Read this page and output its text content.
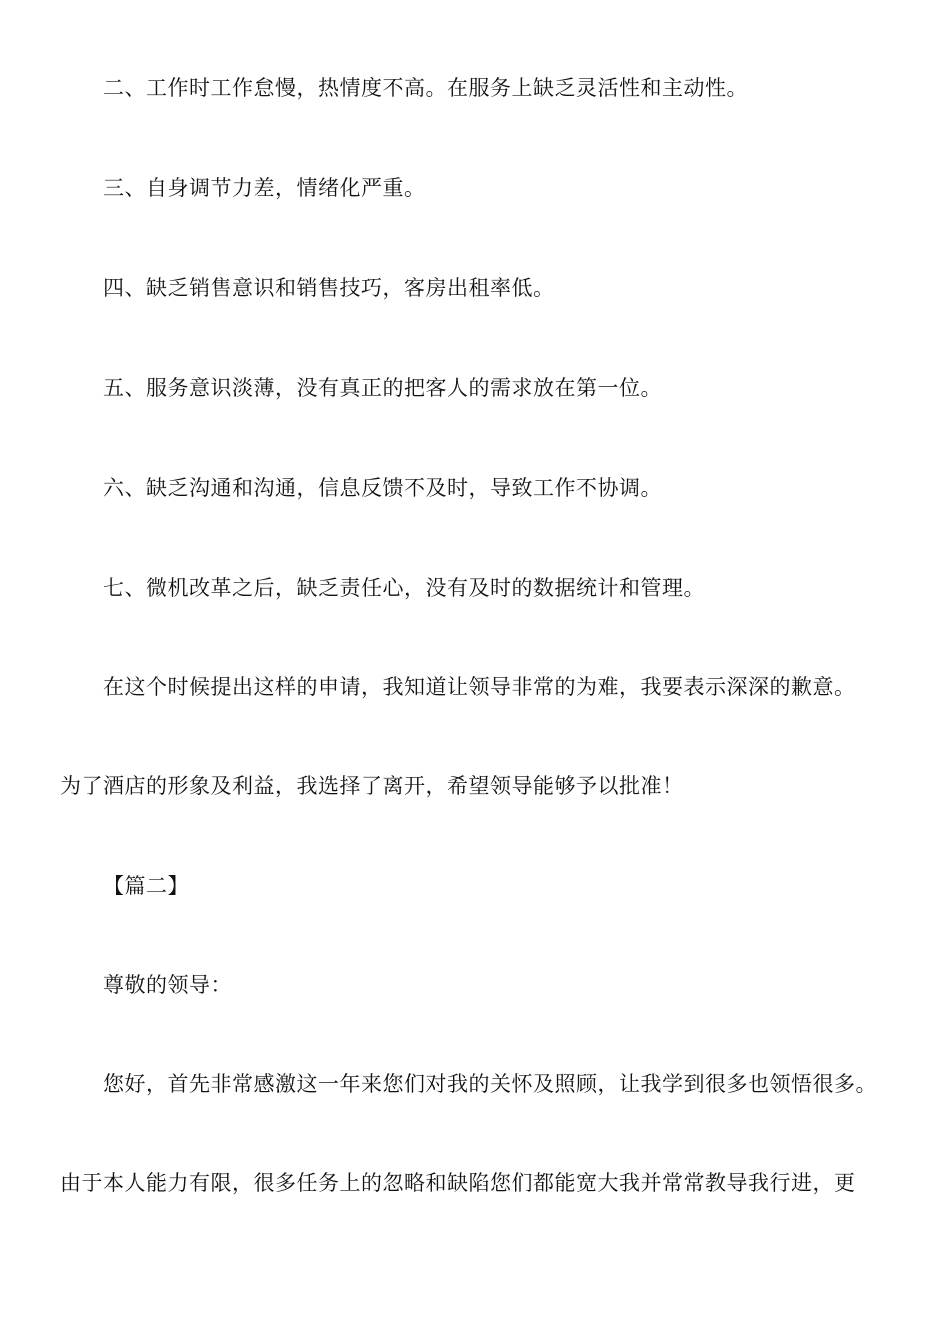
二、工作时工作怠慢，热情度不高。在服务上缺乏灵活性和主动性。
三、自身调节力差，情绪化严重。
四、缺乏销售意识和销售技巧，客房出租率低。
五、服务意识淡薄，没有真正的把客人的需求放在第一位。
六、缺乏沟通和沟通，信息反馈不及时，导致工作不协调。
七、微机改革之后，缺乏责任心，没有及时的数据统计和管理。
在这个时候提出这样的申请，我知道让领导非常的为难，我要表示深深的歉意。
为了酒店的形象及利益，我选择了离开，希望领导能够予以批准！
【篇二】
尊敬的领导：
您好，首先非常感激这一年来您们对我的关怀及照顾，让我学到很多也领悟很多。
由于本人能力有限，很多任务上的忽略和缺陷您们都能宽大我并常常教导我行进，更
